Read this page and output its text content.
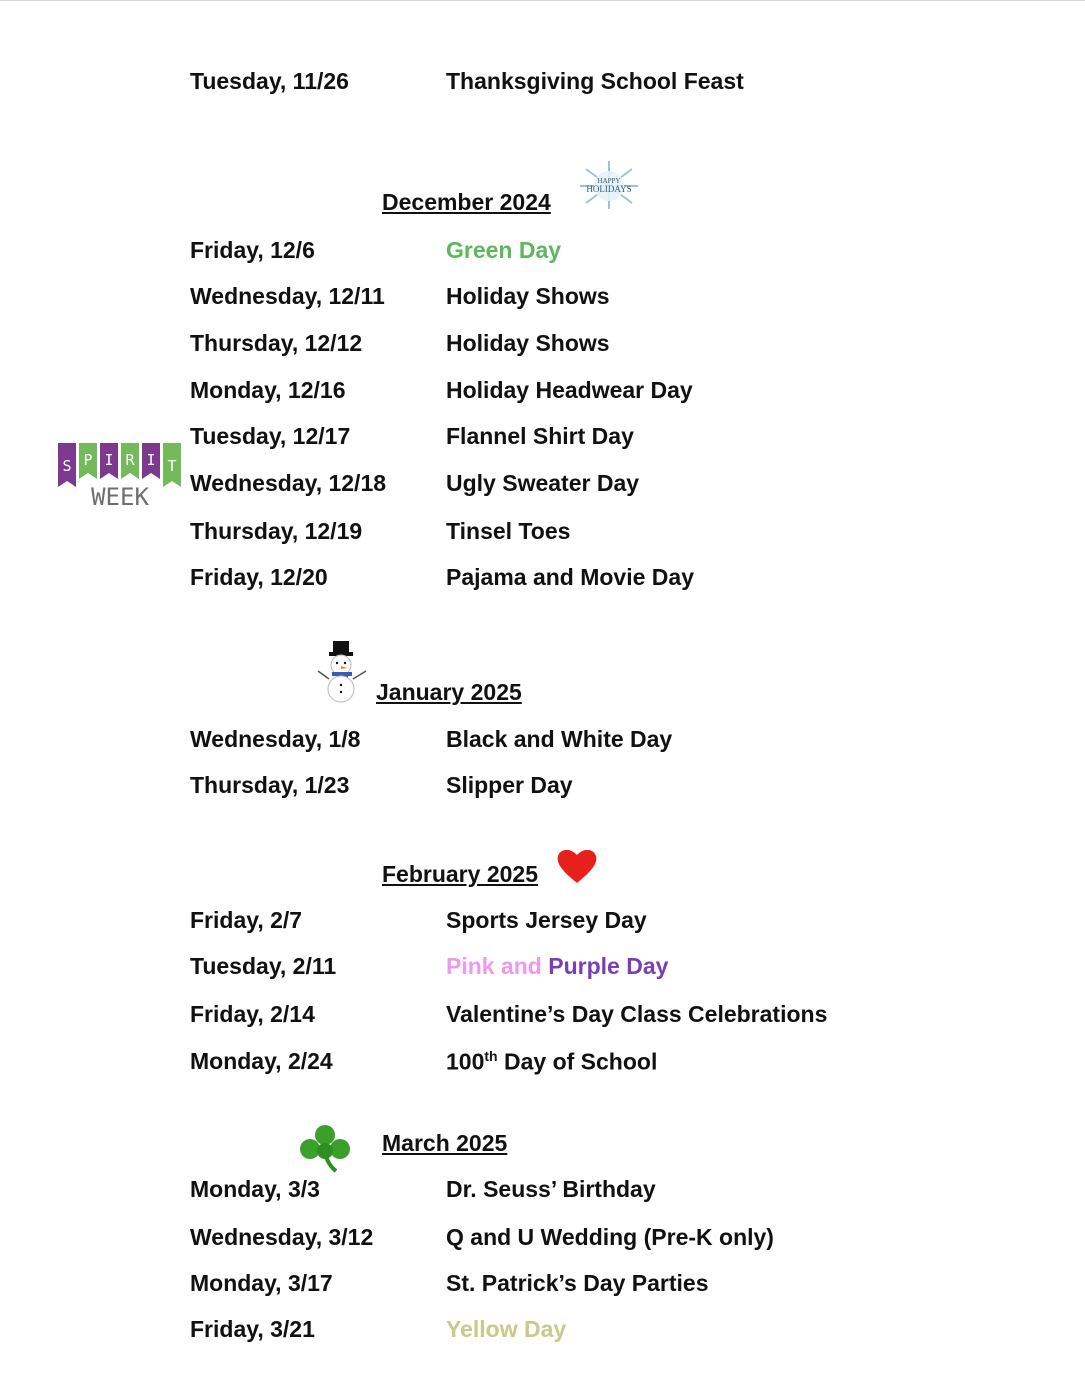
Tuesday, 11/26	Thanksgiving School Feast
December 2024
HAPPY
HOLIDAYS
Friday, 12/6	Green Day
Wednesday, 12/11	Holiday Shows
Thursday, 12/12	Holiday Shows
Monday, 12/16	Holiday Headwear Day
Tuesday, 12/17	Flannel Shirt Day
Wednesday, 12/18	Ugly Sweater Day
Thursday, 12/19	Tinsel Toes
Friday, 12/20	Pajama and Movie Day
S P I R I T
WEEK
January 2025
Wednesday, 1/8	Black and White Day
Thursday, 1/23	Slipper Day
February 2025
Friday, 2/7	Sports Jersey Day
Tuesday, 2/11	Pink and Purple Day
Friday, 2/14	Valentine’s Day Class Celebrations
Monday, 2/24	100th Day of School
March 2025
Monday, 3/3	Dr. Seuss’ Birthday
Wednesday, 3/12	Q and U Wedding (Pre-K only)
Monday, 3/17	St. Patrick’s Day Parties
Friday, 3/21	Yellow Day
